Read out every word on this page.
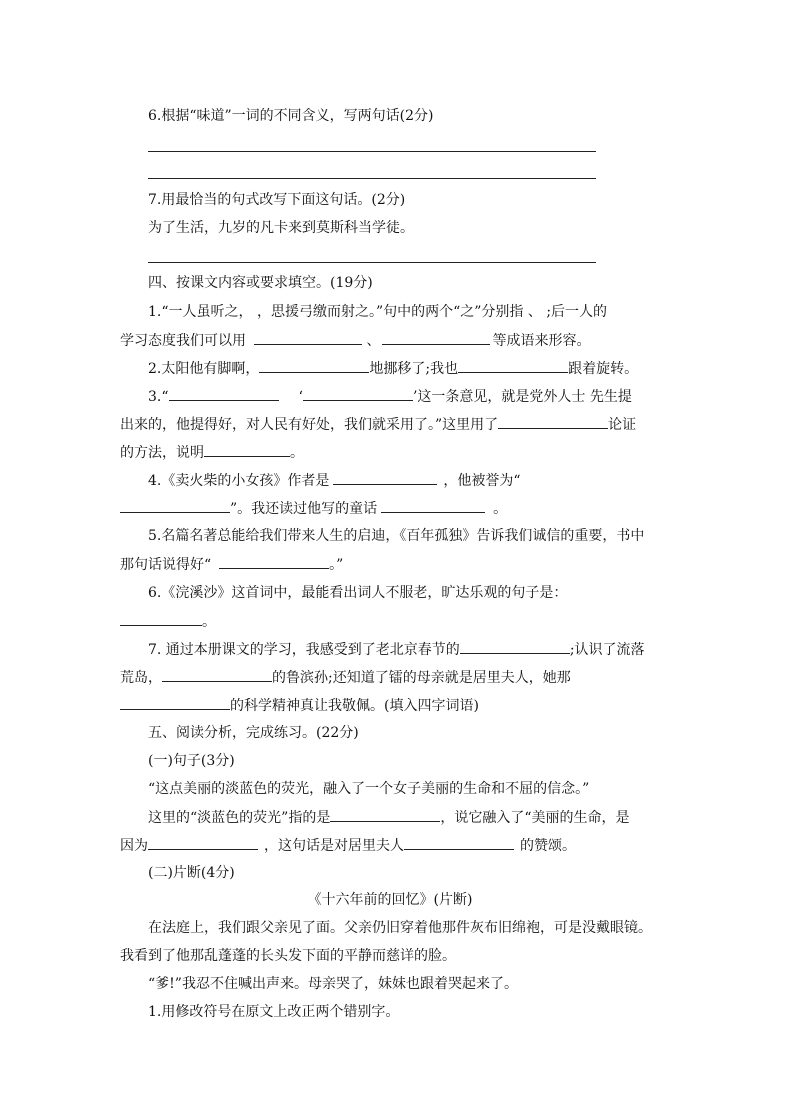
6.根据“味道”一词的不同含义，写两句话(2分)
7.用最恰当的句式改写下面这句话。(2分)
为了生活，九岁的凡卡来到莫斯科当学徒。
四、按课文内容或要求填空。(19分)
1.“一人虽听之， ，思援弓缴而射之。”句中的两个“之”分别指 、 ;后一人的
学习态度我们可以用	、	等成语来形容。
2.太阳他有脚啊，	地挪移了;我也	跟着旋转。
3.“	‘	’这一条意见，就是党外人士 先生提
出来的，他提得好，对人民有好处，我们就采用了。”这里用了	论证
的方法，说明	。
4.《卖火柴的小女孩》作者是	，他被誉为“
”。我还读过他写的童话	。
5.名篇名著总能给我们带来人生的启迪，《百年孤独》告诉我们诚信的重要，书中
那句话说得好“	。”
6.《浣溪沙》这首词中，最能看出词人不服老，旷达乐观的句子是：
。
7. 通过本册课文的学习，我感受到了老北京春节的	;认识了流落
荒岛，	的鲁滨孙;还知道了镭的母亲就是居里夫人，她那
的科学精神真让我敬佩。(填入四字词语)
五、阅读分析，完成练习。(22分)
(一)句子(3分)
“这点美丽的淡蓝色的荧光，融入了一个女子美丽的生命和不屈的信念。”
这里的“淡蓝色的荧光”指的是	，说它融入了“美丽的生命，是
因为	，这句话是对居里夫人	的赞颂。
(二)片断(4分)
《十六年前的回忆》(片断)
在法庭上，我们跟父亲见了面。父亲仍旧穿着他那件灰布旧绵袍，可是没戴眼镜。
我看到了他那乱蓬蓬的长头发下面的平静而慈详的脸。
“爹!”我忍不住喊出声来。母亲哭了，妹妹也跟着哭起来了。
1.用修改符号在原文上改正两个错别字。
